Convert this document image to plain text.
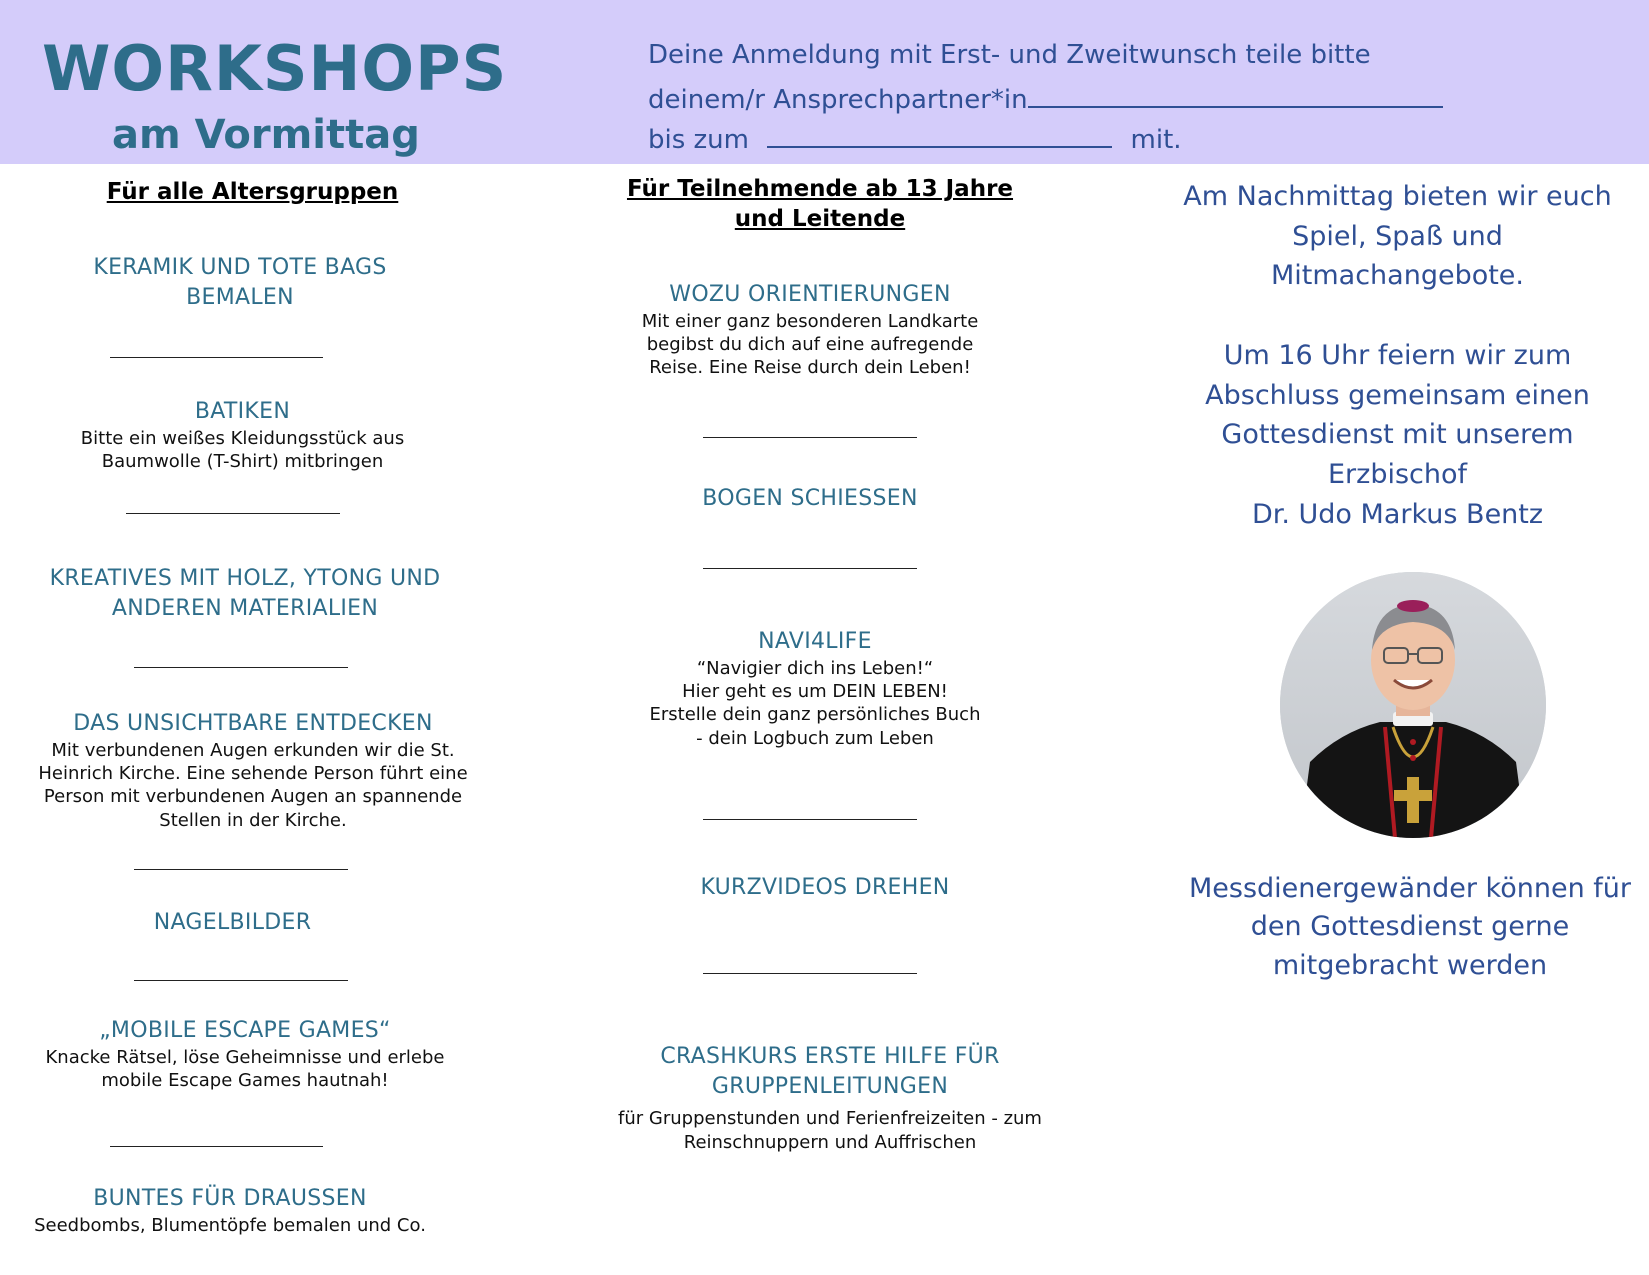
WORKSHOPS
am Vormittag
Deine Anmeldung mit Erst- und Zweitwunsch teile bitte
deinem/r Ansprechpartner*in
bis zum	mit.
Für alle Altersgruppen
KERAMIK UND TOTE BAGS BEMALEN
BATIKEN
Bitte ein weißes Kleidungsstück aus Baumwolle (T-Shirt) mitbringen
KREATIVES MIT HOLZ, YTONG UND ANDEREN MATERIALIEN
DAS UNSICHTBARE ENTDECKEN
Mit verbundenen Augen erkunden wir die St. Heinrich Kirche. Eine sehende Person führt eine Person mit verbundenen Augen an spannende Stellen in der Kirche.
NAGELBILDER
„MOBILE ESCAPE GAMES“
Knacke Rätsel, löse Geheimnisse und erlebe mobile Escape Games hautnah!
BUNTES FÜR DRAUSSEN
Seedbombs, Blumentöpfe bemalen und Co.
Für Teilnehmende ab 13 Jahre
und Leitende
WOZU ORIENTIERUNGEN
Mit einer ganz besonderen Landkarte begibst du dich auf eine aufregende Reise. Eine Reise durch dein Leben!
BOGEN SCHIESSEN
NAVI4LIFE
“Navigier dich ins Leben!“
Hier geht es um DEIN LEBEN!
Erstelle dein ganz persönliches Buch
- dein Logbuch zum Leben
KURZVIDEOS DREHEN
CRASHKURS ERSTE HILFE FÜR GRUPPENLEITUNGEN
für Gruppenstunden und Ferienfreizeiten - zum Reinschnuppern und Auffrischen
Am Nachmittag bieten wir euch Spiel, Spaß und Mitmachangebote.
Um 16 Uhr feiern wir zum Abschluss gemeinsam einen Gottesdienst mit unserem Erzbischof
Dr. Udo Markus Bentz
Messdienergewänder können für den Gottesdienst gerne mitgebracht werden
